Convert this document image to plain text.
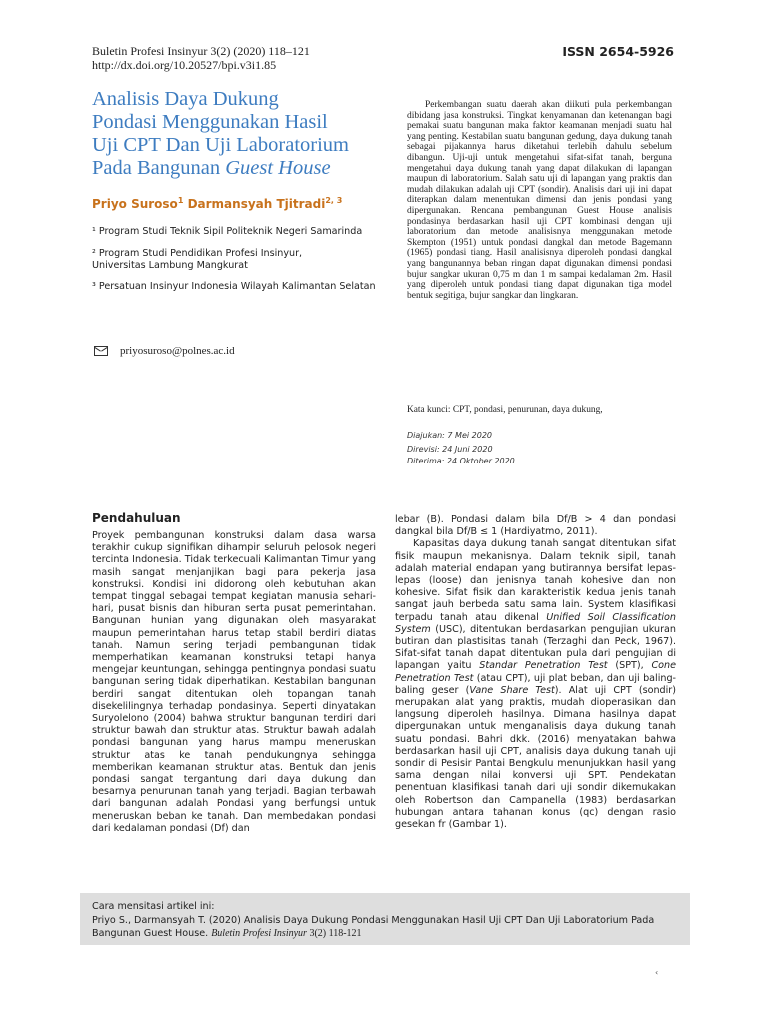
Buletin Profesi Insinyur 3(2) (2020) 118–121
http://dx.doi.org/10.20527/bpi.v3i1.85
ISSN 2654-5926
Analisis Daya Dukung
Pondasi Menggunakan Hasil
Uji CPT Dan Uji Laboratorium
Pada Bangunan Guest House
Priyo Suroso$^1$ Darmansyah Tjitradi$^{2, 3}$
¹ Program Studi Teknik Sipil Politeknik Negeri Samarinda
² Program Studi Pendidikan Profesi Insinyur,
Universitas Lambung Mangkurat
³ Persatuan Insinyur Indonesia Wilayah Kalimantan Selatan
priyosuroso@polnes.ac.id
Perkembangan suatu daerah akan diikuti pula perkembangan dibidang jasa konstruksi. Tingkat kenyamanan dan ketenangan bagi pemakai suatu bangunan maka faktor keamanan menjadi suatu hal yang penting. Kestabilan suatu bangunan gedung, daya dukung tanah sebagai pijakannya harus diketahui terlebih dahulu sebelum dibangun. Uji-uji untuk mengetahui sifat-sifat tanah, berguna mengetahui daya dukung tanah yang dapat dilakukan di lapangan maupun di laboratorium. Salah satu uji di lapangan yang praktis dan mudah dilakukan adalah uji CPT (sondir). Analisis dari uji ini dapat diterapkan dalam menentukan dimensi dan jenis pondasi yang dipergunakan. Rencana pembangunan Guest House analisis pondasinya berdasarkan hasil uji CPT kombinasi dengan uji laboratorium dan metode analisisnya menggunakan metode Skempton (1951) untuk pondasi dangkal dan metode Bagemann (1965) pondasi tiang. Hasil analisisnya diperoleh pondasi dangkal yang bangunannya beban ringan dapat digunakan dimensi pondasi bujur sangkar ukuran 0,75 m dan 1 m sampai kedalaman 2m. Hasil yang diperoleh untuk pondasi tiang dapat digunakan tiga model bentuk segitiga, bujur sangkar dan lingkaran.
Kata kunci: CPT, pondasi, penurunan, daya dukung,
Diajukan: 7 Mei 2020
Direvisi: 24 Juni 2020
Diterima: 24 Oktober 2020
Pendahuluan

Proyek pembangunan konstruksi dalam dasa warsa terakhir cukup signifikan dihampir seluruh pelosok negeri tercinta Indonesia. Tidak terkecuali Kalimantan Timur yang masih sangat menjanjikan bagi para pekerja jasa konstruksi. Kondisi ini didorong oleh kebutuhan akan tempat tinggal sebagai tempat kegiatan manusia sehari-hari, pusat bisnis dan hiburan serta pusat pemerintahan. Bangunan hunian yang digunakan oleh masyarakat maupun pemerintahan harus tetap stabil berdiri diatas tanah. Namun sering terjadi pembangunan tidak memperhatikan keamanan konstruksi tetapi hanya mengejar keuntungan, sehingga pentingnya pondasi suatu bangunan sering tidak diperhatikan. Kestabilan bangunan berdiri sangat ditentukan oleh topangan tanah disekelilingnya terhadap pondasinya. Seperti dinyatakan Suryolelono (2004) bahwa struktur bangunan terdiri dari struktur bawah dan struktur atas. Struktur bawah adalah pondasi bangunan yang harus mampu meneruskan struktur atas ke tanah pendukungnya sehingga memberikan keamanan struktur atas. Bentuk dan jenis pondasi sangat tergantung dari daya dukung dan besarnya penurunan tanah yang terjadi. Bagian terbawah dari bangunan adalah Pondasi yang berfungsi untuk meneruskan beban ke tanah. Dan membedakan pondasi dari kedalaman pondasi (Df) dan

lebar (B). Pondasi dalam bila Df/B > 4 dan pondasi dangkal bila Df/B ≤ 1 (Hardiyatmo, 2011).

Kapasitas daya dukung tanah sangat ditentukan sifat fisik maupun mekanisnya. Dalam teknik sipil, tanah adalah material endapan yang butirannya bersifat lepas-lepas (loose) dan jenisnya tanah kohesive dan non kohesive. Sifat fisik dan karakteristik kedua jenis tanah sangat jauh berbeda satu sama lain. System klasifikasi terpadu tanah atau dikenal Unified Soil Classification System (USC), ditentukan berdasarkan pengujian ukuran butiran dan plastisitas tanah (Terzaghi dan Peck, 1967). Sifat-sifat tanah dapat ditentukan pula dari pengujian di lapangan yaitu Standar Penetration Test (SPT), Cone Penetration Test (atau CPT), uji plat beban, dan uji baling-baling geser (Vane Share Test). Alat uji CPT (sondir) merupakan alat yang praktis, mudah dioperasikan dan langsung diperoleh hasilnya. Dimana hasilnya dapat dipergunakan untuk menganalisis daya dukung tanah suatu pondasi. Bahri dkk. (2016) menyatakan bahwa berdasarkan hasil uji CPT, analisis daya dukung tanah uji sondir di Pesisir Pantai Bengkulu menunjukkan hasil yang sama dengan nilai konversi uji SPT. Pendekatan penentuan klasifikasi tanah dari uji sondir dikemukakan oleh Robertson dan Campanella (1983) berdasarkan hubungan antara tahanan konus (qc) dengan rasio gesekan fr (Gambar 1).

Cara mensitasi artikel ini:
Priyo S., Darmansyah T. (2020) Analisis Daya Dukung Pondasi Menggunakan Hasil Uji CPT Dan Uji Laboratorium Pada Bangunan Guest House. Buletin Profesi Insinyur 3(2) 118-121
‹
